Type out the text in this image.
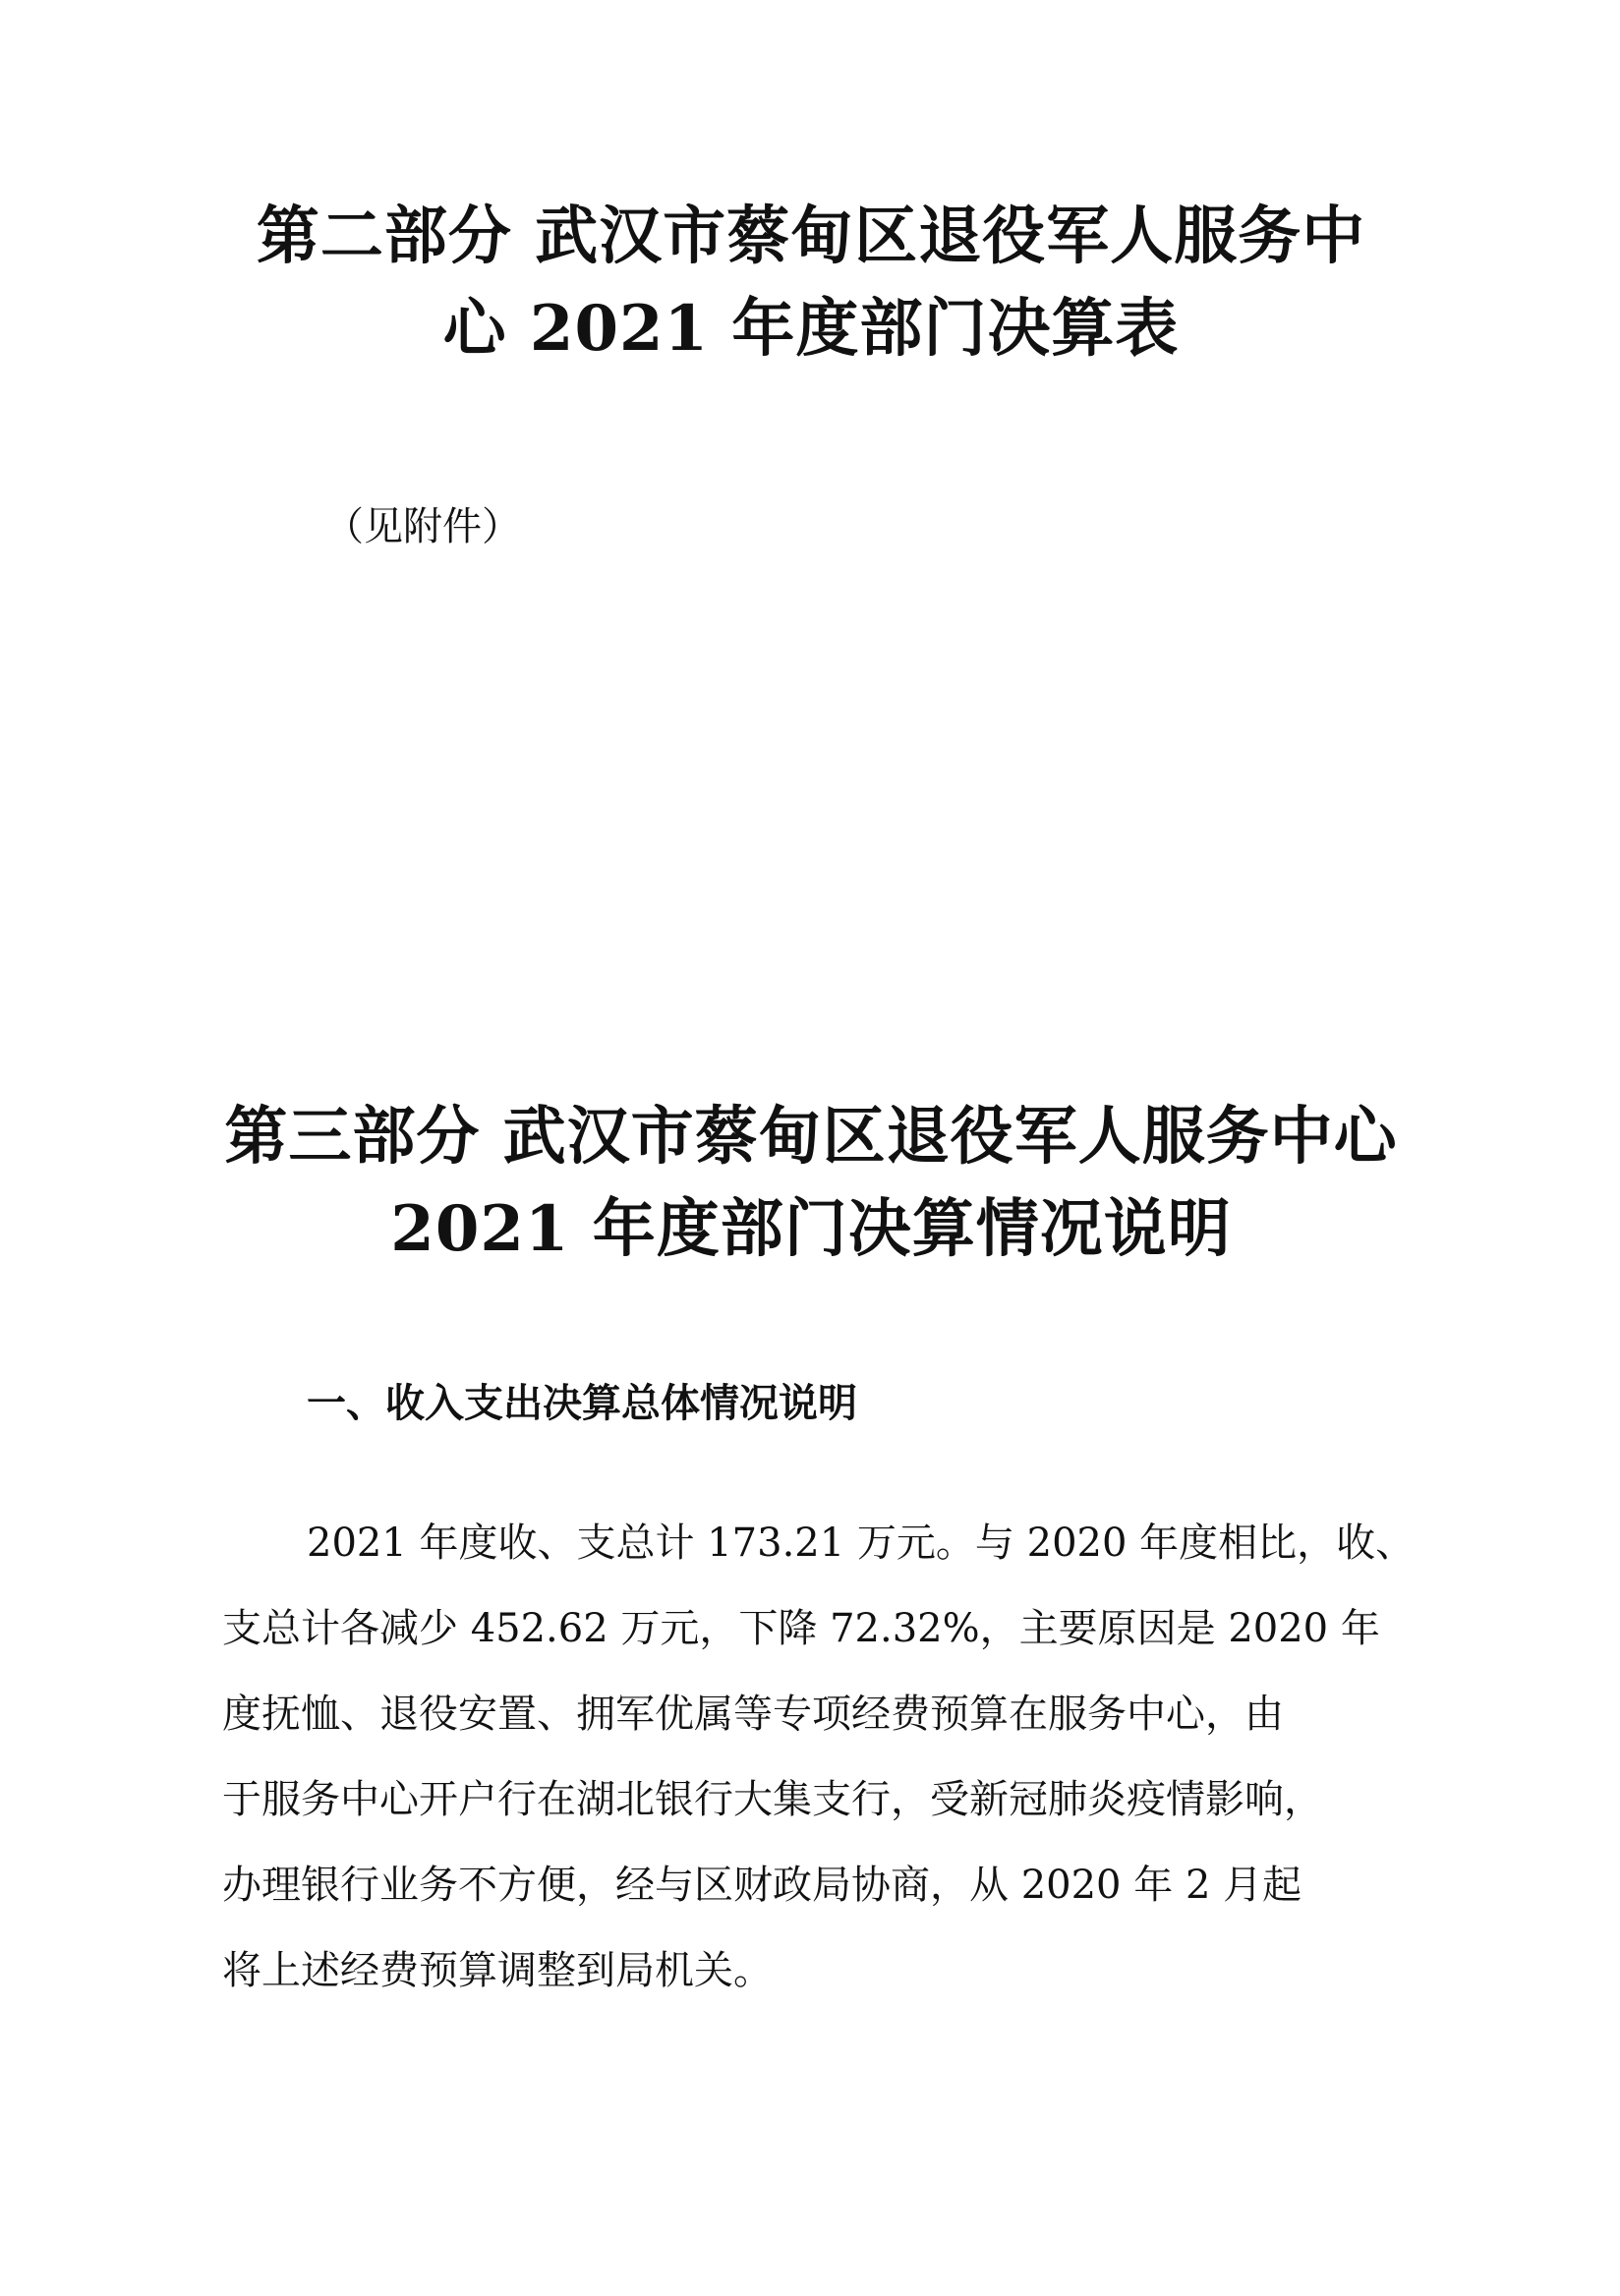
第二部分 武汉市蔡甸区退役军人服务中
心 2021 年度部门决算表

（见附件）

第三部分 武汉市蔡甸区退役军人服务中心
2021 年度部门决算情况说明
一、收入支出决算总体情况说明

2021 年度收、支总计 173.21 万元。与 2020 年度相比，收、
支总计各减少 452.62 万元，下降 72.32%，主要原因是 2020 年
度抚恤、退役安置、拥军优属等专项经费预算在服务中心，由
于服务中心开户行在湖北银行大集支行，受新冠肺炎疫情影响，
办理银行业务不方便，经与区财政局协商，从 2020 年 2 月起
将上述经费预算调整到局机关。
